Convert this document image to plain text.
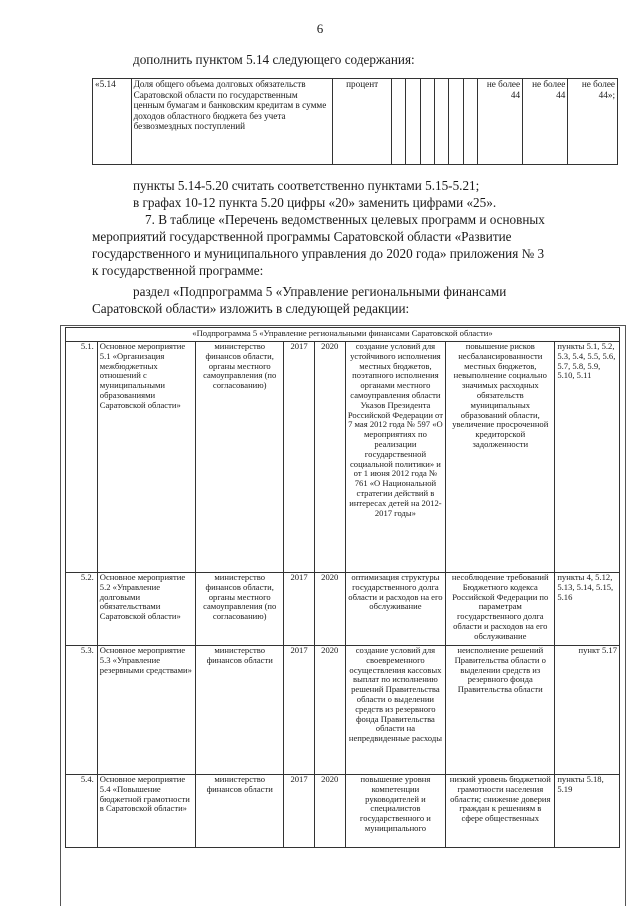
6
дополнить пунктом 5.14 следующего содержания:
«5.14	Доля общего объема долговых обязательств Саратовской области по государственным ценным бумагам и банковским кредитам в сумме доходов областного бюджета без учета безвозмездных поступлений	процент							не более 44	не более 44	не более 44»;
пункты 5.14-5.20 считать соответственно пунктами 5.15-5.21;
в графах 10-12 пункта 5.20 цифры «20» заменить цифрами «25».
7. В таблице «Перечень ведомственных целевых программ и основных
мероприятий государственной программы Саратовской области «Развитие
государственного и муниципального управления до 2020 года» приложения № 3
к государственной программе:
раздел «Подпрограмма 5 «Управление региональными финансами
Саратовской области» изложить в следующей редакции:
«Подпрограмма 5 «Управление региональными финансами Саратовской области»							
5.1.	Основное мероприятие 5.1 «Организация межбюджетных отношений с муниципальными образованиями Саратовской области»	министерство финансов области, органы местного самоуправления (по согласованию)	2017	2020	создание условий для устойчивого исполнения местных бюджетов, поэтапного исполнения органами местного самоуправления области Указов Президента Российской Федерации от 7 мая 2012 года № 597 «О мероприятиях по реализации государственной социальной политики» и от 1 июня 2012 года № 761 «О Национальной стратегии действий в интересах детей на 2012-2017 годы»	повышение рисков несбалансированности местных бюджетов, невыполнение социально значимых расходных обязательств муниципальных образований области, увеличение просроченной кредиторской задолженности	пункты 5.1, 5.2, 5.3, 5.4, 5.5, 5.6, 5.7, 5.8, 5.9, 5.10, 5.11
5.2.	Основное мероприятие 5.2 «Управление долговыми обязательствами Саратовской области»	министерство финансов области, органы местного самоуправления (по согласованию)	2017	2020	оптимизация структуры государственного долга области и расходов на его обслуживание	несоблюдение требований Бюджетного кодекса Российской Федерации по параметрам государственного долга области и расходов на его обслуживание	пункты 4, 5.12, 5.13, 5.14, 5.15, 5.16
5.3.	Основное мероприятие 5.3 «Управление резервными средствами»	министерство финансов области	2017	2020	создание условий для своевременного осуществления кассовых выплат по исполнению решений Правительства области о выделении средств из резервного фонда Правительства области на непредвиденные расходы	неисполнение решений Правительства области о выделении средств из резервного фонда Правительства области	пункт 5.17
5.4.	Основное мероприятие 5.4 «Повышение бюджетной грамотности в Саратовской области»	министерство финансов области	2017	2020	повышение уровня компетенции руководителей и специалистов государственного и муниципального	низкий уровень бюджетной грамотности населения области; снижение доверия граждан к решениям в сфере общественных	пункты 5.18, 5.19
